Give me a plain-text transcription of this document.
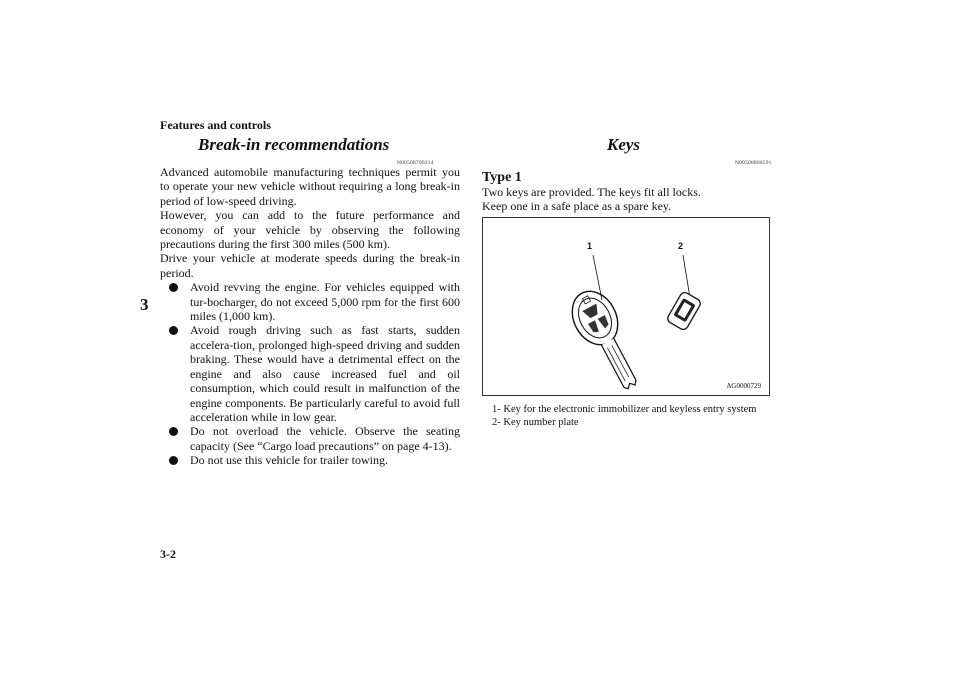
Features and controls
3
3-2
Break-in recommendations
N00508700314

Advanced automobile manufacturing techniques permit you to operate your new vehicle without requiring a long break-in period of low-speed driving.

However, you can add to the future performance and economy of your vehicle by observing the following precautions during the first 300 miles (500 km).

Drive your vehicle at moderate speeds during the break-in period.

Avoid revving the engine. For vehicles equipped with tur-bocharger, do not exceed 5,000 rpm for the first 600 miles (1,000 km).
Avoid rough driving such as fast starts, sudden accelera-tion, prolonged high-speed driving and sudden braking. These would have a detrimental effect on the engine and also cause increased fuel and oil consumption, which could result in malfunction of the engine components. Be particularly careful to avoid full acceleration while in low gear.
Do not overload the vehicle. Observe the seating capacity (See “Cargo load precautions” on page 4-13).
Do not use this vehicle for trailer towing.
Keys
N00508800591
Type 1

Two keys are provided. The keys fit all locks.

Keep one in a safe place as a spare key.

1	2
AG0000729
1- Key for the electronic immobilizer and keyless entry system
2- Key number plate
